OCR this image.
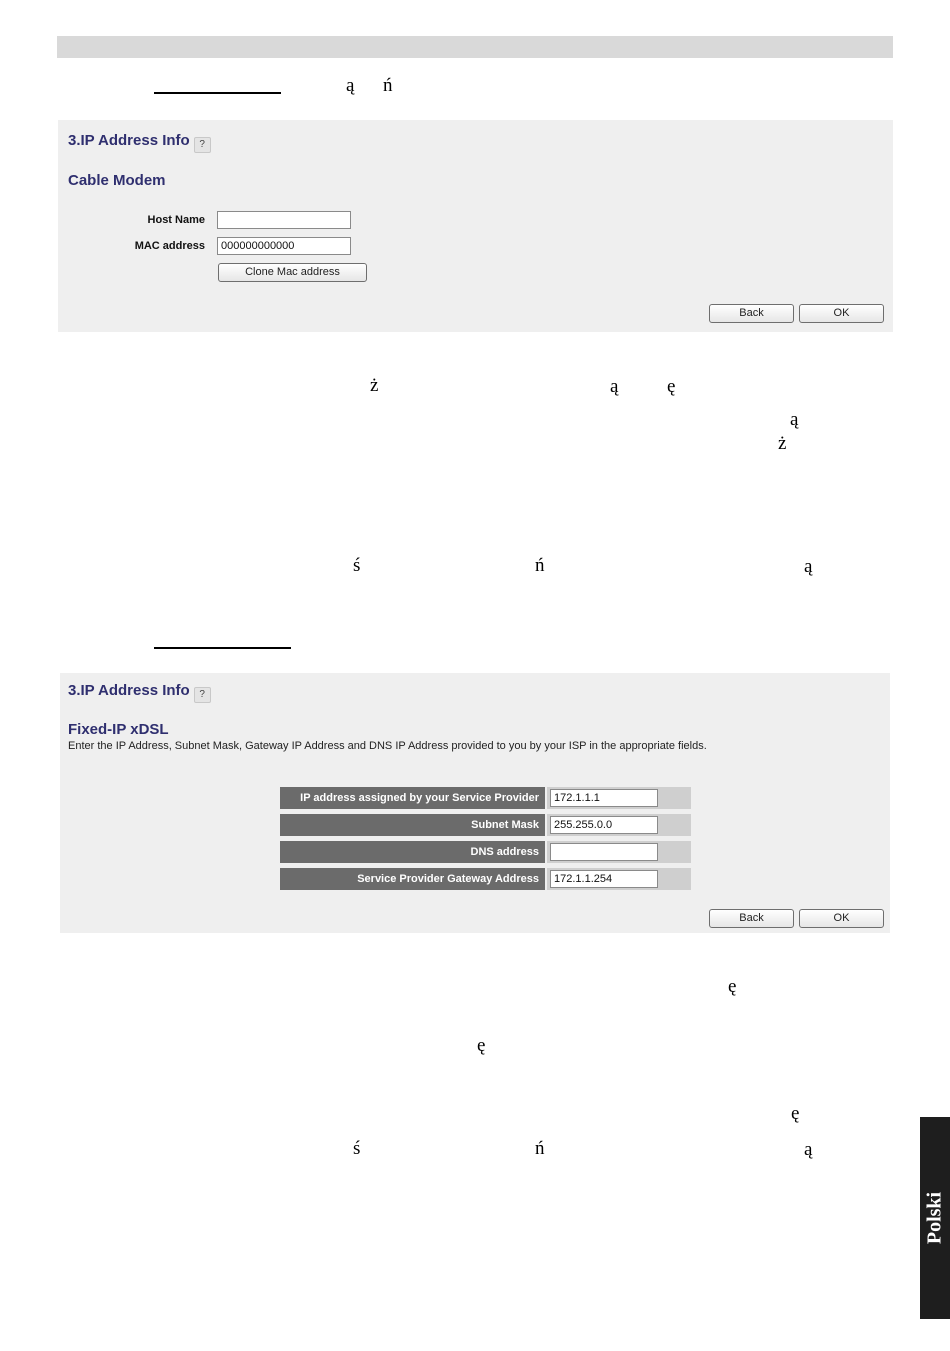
ą ń
3.IP Address Info ?
Cable Modem
Host Name
MAC address	000000000000
Clone Mac address
Back	OK
ż	ą	ę
ą
ż
ś	ń	ą
3.IP Address Info ?
Fixed-IP xDSL
Enter the IP Address, Subnet Mask, Gateway IP Address and DNS IP Address provided to you by your ISP in the appropriate fields.
IP address assigned by your Service Provider	172.1.1.1
Subnet Mask	255.255.0.0
DNS address
Service Provider Gateway Address	172.1.1.254
Back	OK
ę
ę
ę
ś	ń	ą
Polski
